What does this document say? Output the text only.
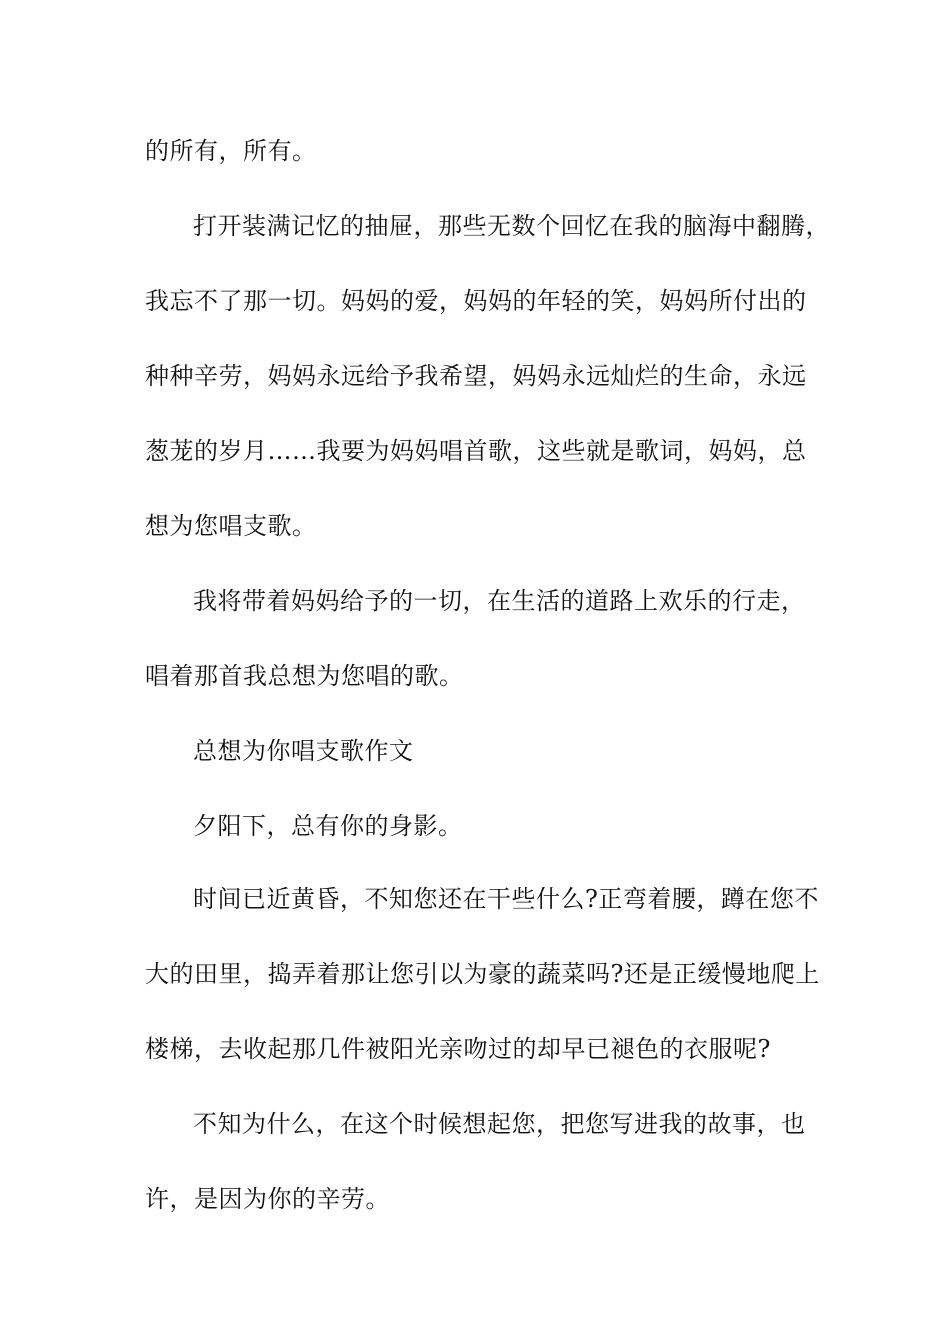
的所有，所有。
打开装满记忆的抽屉，那些无数个回忆在我的脑海中翻腾，
我忘不了那一切。妈妈的爱，妈妈的年轻的笑，妈妈所付出的
种种辛劳，妈妈永远给予我希望，妈妈永远灿烂的生命，永远
葱茏的岁月……我要为妈妈唱首歌，这些就是歌词，妈妈，总
想为您唱支歌。
我将带着妈妈给予的一切，在生活的道路上欢乐的行走，
唱着那首我总想为您唱的歌。
总想为你唱支歌作文
夕阳下，总有你的身影。
时间已近黄昏，不知您还在干些什么?正弯着腰，蹲在您不
大的田里，捣弄着那让您引以为豪的蔬菜吗?还是正缓慢地爬上
楼梯，去收起那几件被阳光亲吻过的却早已褪色的衣服呢?
不知为什么，在这个时候想起您，把您写进我的故事，也
许，是因为你的辛劳。
